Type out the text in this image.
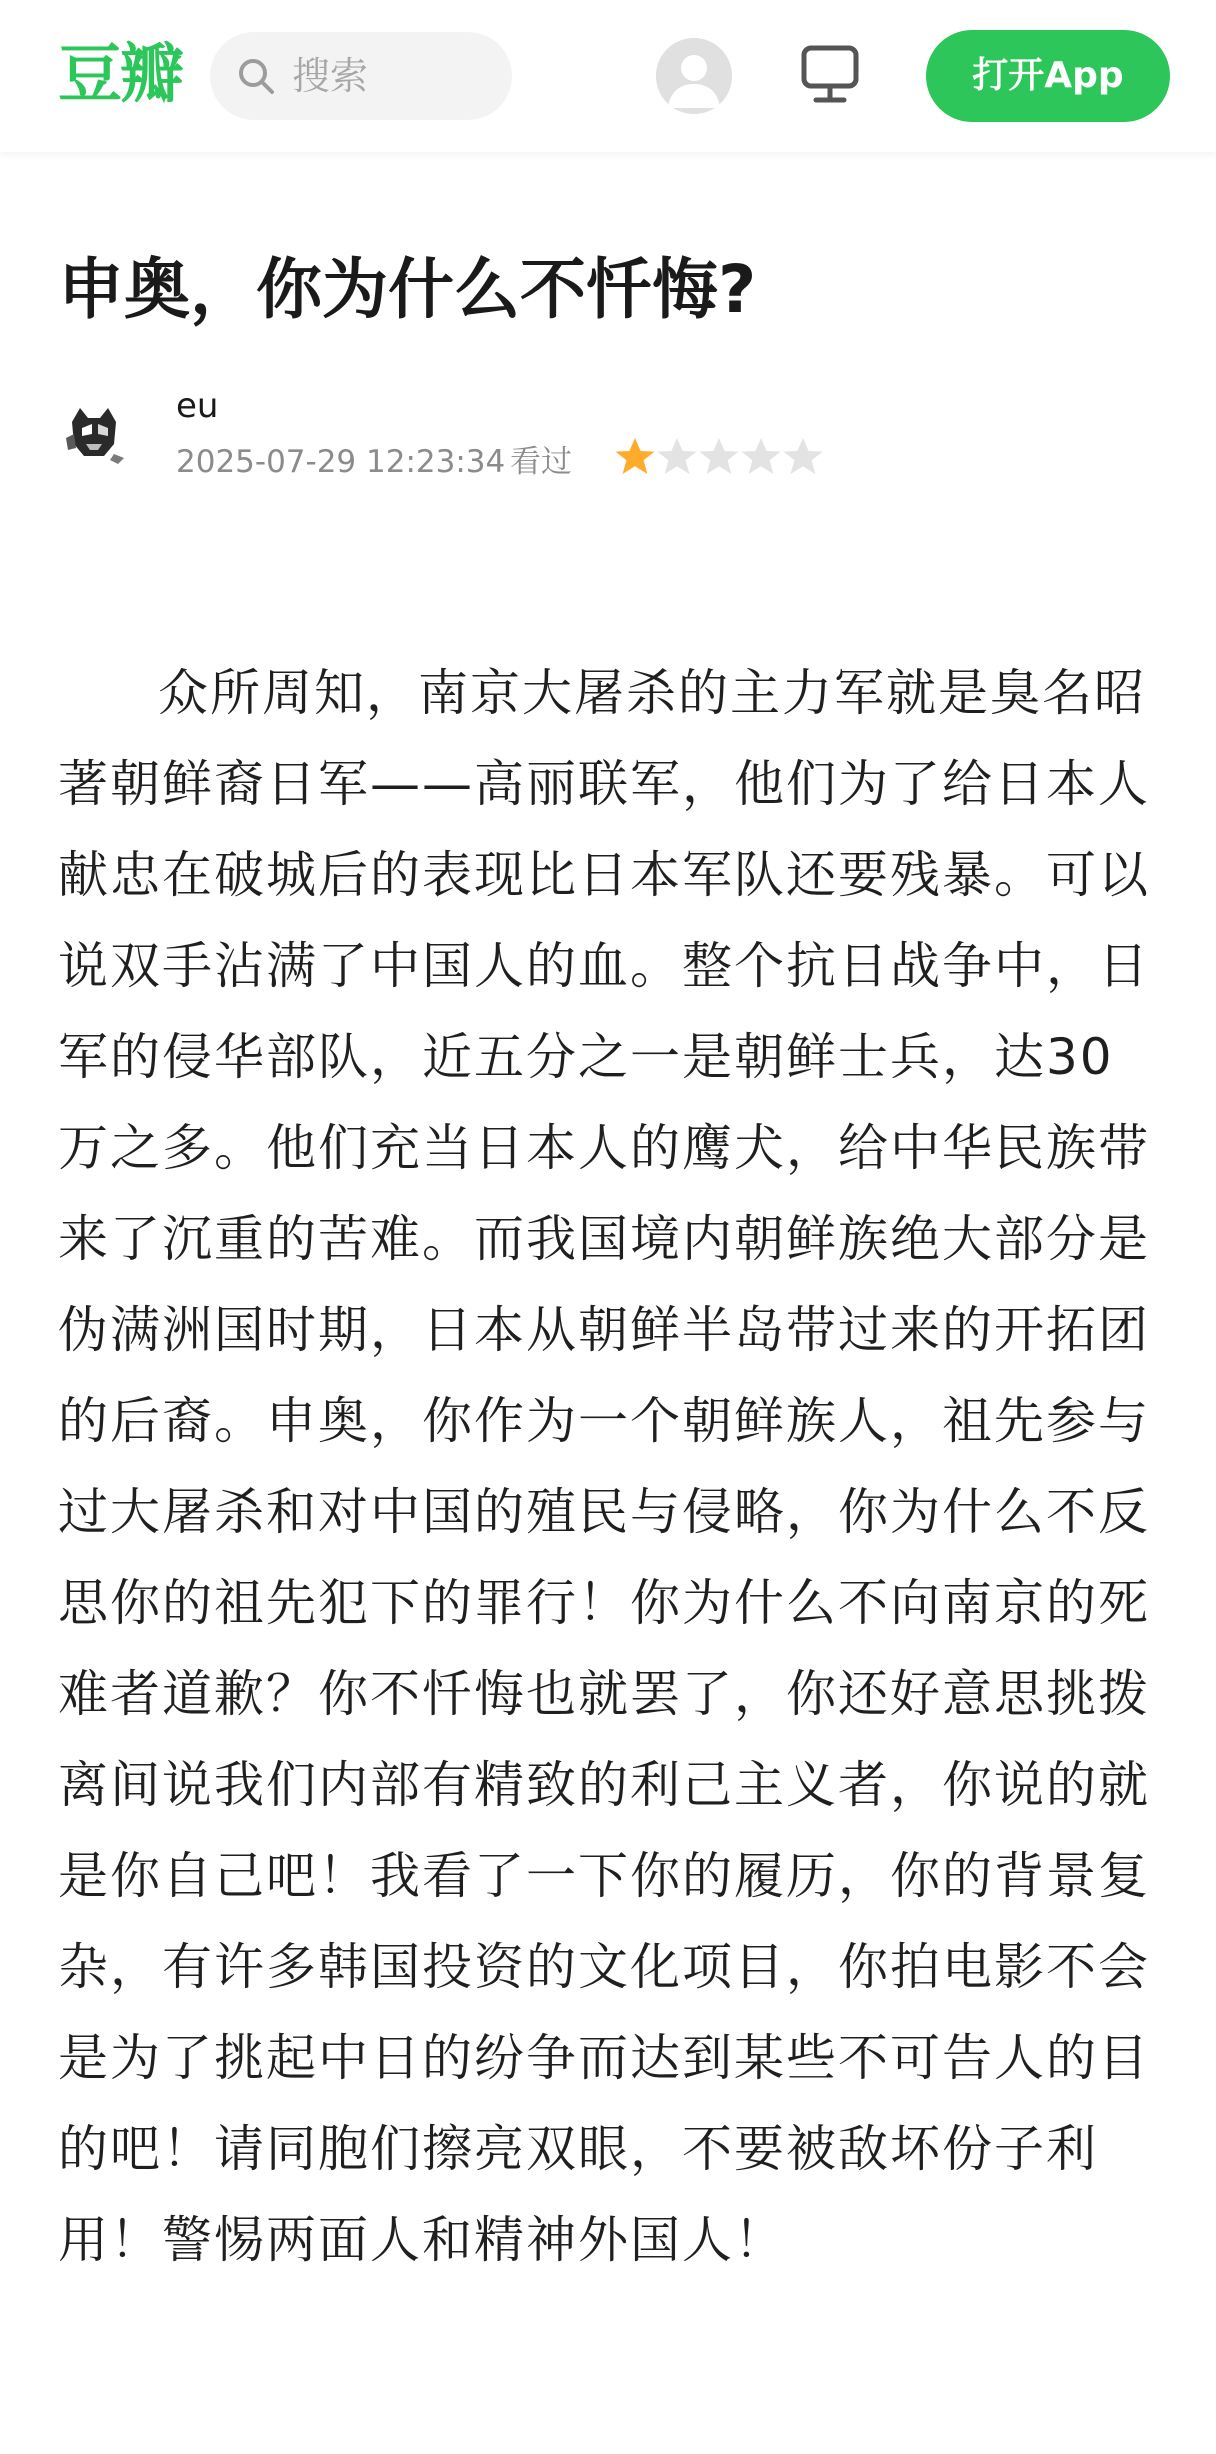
豆瓣
搜索	打开App
申奥，你为什么不忏悔?
eu
2025-07-29 12:23:34 看过

众所周知，南京大屠杀的主力军就是臭名昭著朝鲜裔日军——高丽联军，他们为了给日本人献忠在破城后的表现比日本军队还要残暴。可以说双手沾满了中国人的血。整个抗日战争中，日军的侵华部队，近五分之一是朝鲜士兵，达30万之多。他们充当日本人的鹰犬，给中华民族带来了沉重的苦难。而我国境内朝鲜族绝大部分是伪满洲国时期，日本从朝鲜半岛带过来的开拓团的后裔。申奥，你作为一个朝鲜族人，祖先参与过大屠杀和对中国的殖民与侵略，你为什么不反思你的祖先犯下的罪行！你为什么不向南京的死难者道歉？你不忏悔也就罢了，你还好意思挑拨离间说我们内部有精致的利己主义者，你说的就是你自己吧！我看了一下你的履历，你的背景复杂，有许多韩国投资的文化项目，你拍电影不会是为了挑起中日的纷争而达到某些不可告人的目的吧！请同胞们擦亮双眼，不要被敌坏份子利用！警惕两面人和精神外国人！
